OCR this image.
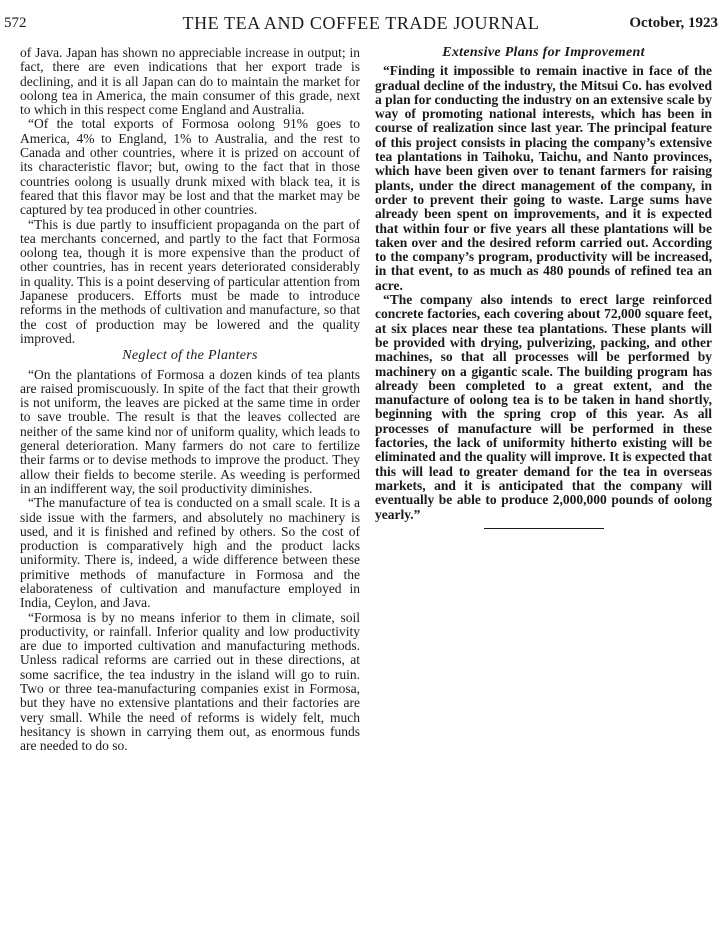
572	THE TEA AND COFFEE TRADE JOURNAL	October, 1923

of Java. Japan has shown no appreciable increase in output; in fact, there are even indications that her export trade is declining, and it is all Japan can do to maintain the market for oolong tea in America, the main consumer of this grade, next to which in this respect come England and Australia.

“Of the total exports of Formosa oolong 91% goes to America, 4% to England, 1% to Australia, and the rest to Canada and other countries, where it is prized on account of its characteristic flavor; but, owing to the fact that in those countries oolong is usually drunk mixed with black tea, it is feared that this flavor may be lost and that the market may be captured by tea produced in other countries.

“This is due partly to insufficient propaganda on the part of tea merchants concerned, and partly to the fact that Formosa oolong tea, though it is more expensive than the product of other countries, has in recent years deteriorated considerably in quality. This is a point deserving of particular attention from Japanese producers. Efforts must be made to introduce reforms in the methods of cultivation and manufacture, so that the cost of production may be lowered and the quality improved.

Neglect of the Planters

“On the plantations of Formosa a dozen kinds of tea plants are raised promiscuously. In spite of the fact that their growth is not uniform, the leaves are picked at the same time in order to save trouble. The result is that the leaves collected are neither of the same kind nor of uniform quality, which leads to general deterioration. Many farmers do not care to fertilize their farms or to devise methods to improve the product. They allow their fields to become sterile. As weeding is performed in an indifferent way, the soil productivity diminishes.

“The manufacture of tea is conducted on a small scale. It is a side issue with the farmers, and absolutely no machinery is used, and it is finished and refined by others. So the cost of production is comparatively high and the product lacks uniformity. There is, indeed, a wide difference between these primitive methods of manufacture in Formosa and the elaborateness of cultivation and manufacture employed in India, Ceylon, and Java.

“Formosa is by no means inferior to them in climate, soil productivity, or rainfall. Inferior quality and low productivity are due to imported cultivation and manufacturing methods. Unless radical reforms are carried out in these directions, at some sacrifice, the tea industry in the island will go to ruin. Two or three tea-manufacturing companies exist in Formosa, but they have no extensive plantations and their factories are very small. While the need of reforms is widely felt, much hesitancy is shown in carrying them out, as enormous funds are needed to do so.

Extensive Plans for Improvement

“Finding it impossible to remain inactive in face of the gradual decline of the industry, the Mitsui Co. has evolved a plan for conducting the industry on an extensive scale by way of promoting national interests, which has been in course of realization since last year. The principal feature of this project consists in placing the company’s extensive tea plantations in Taihoku, Taichu, and Nanto provinces, which have been given over to tenant farmers for raising plants, under the direct management of the company, in order to prevent their going to waste. Large sums have already been spent on improvements, and it is expected that within four or five years all these plantations will be taken over and the desired reform carried out. According to the company’s program, productivity will be increased, in that event, to as much as 480 pounds of refined tea an acre.

“The company also intends to erect large reinforced concrete factories, each covering about 72,000 square feet, at six places near these tea plantations. These plants will be provided with drying, pulverizing, packing, and other machines, so that all processes will be performed by machinery on a gigantic scale. The building program has already been completed to a great extent, and the manufacture of oolong tea is to be taken in hand shortly, beginning with the spring crop of this year. As all processes of manufacture will be performed in these factories, the lack of uniformity hitherto existing will be eliminated and the quality will improve. It is expected that this will lead to greater demand for the tea in overseas markets, and it is anticipated that the company will eventually be able to produce 2,000,000 pounds of oolong yearly.”
